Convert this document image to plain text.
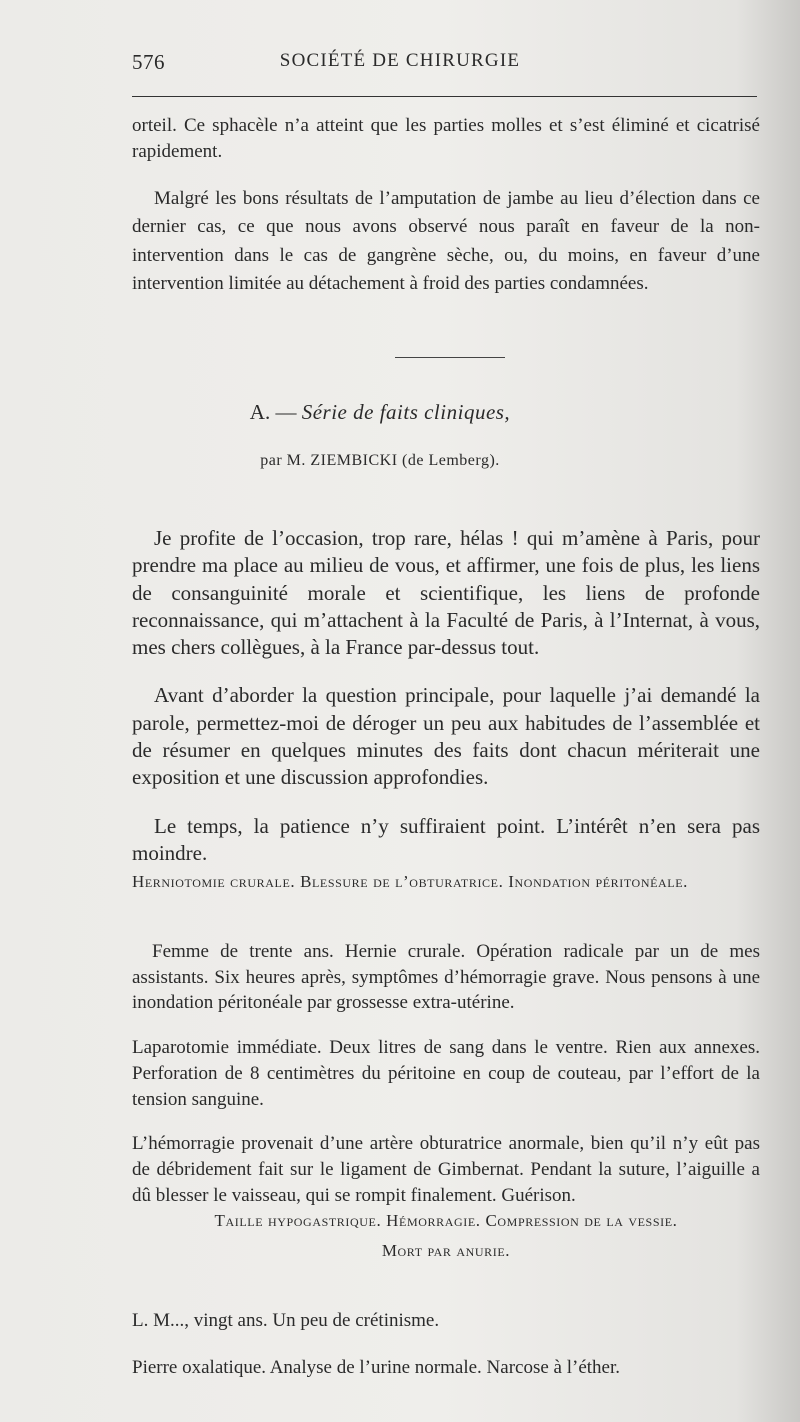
576	SOCIÉTÉ DE CHIRURGIE

orteil. Ce sphacèle n’a atteint que les parties molles et s’est éliminé et cicatrisé rapidement.

Malgré les bons résultats de l’amputation de jambe au lieu d’élection dans ce dernier cas, ce que nous avons observé nous paraît en faveur de la non-intervention dans le cas de gangrène sèche, ou, du moins, en faveur d’une intervention limitée au détachement à froid des parties condamnées.

A. — Série de faits cliniques,
par M. ZIEMBICKI (de Lemberg).

Je profite de l’occasion, trop rare, hélas ! qui m’amène à Paris, pour prendre ma place au milieu de vous, et affirmer, une fois de plus, les liens de consanguinité morale et scientifique, les liens de profonde reconnaissance, qui m’attachent à la Faculté de Paris, à l’Internat, à vous, mes chers collègues, à la France par-dessus tout.

Avant d’aborder la question principale, pour laquelle j’ai demandé la parole, permettez-moi de déroger un peu aux habitudes de l’assemblée et de résumer en quelques minutes des faits dont chacun mériterait une exposition et une discussion approfondies.

Le temps, la patience n’y suffiraient point. L’intérêt n’en sera pas moindre.

Herniotomie crurale. Blessure de l’obturatrice. Inondation péritonéale.

Femme de trente ans. Hernie crurale. Opération radicale par un de mes assistants. Six heures après, symptômes d’hémorragie grave. Nous pensons à une inondation péritonéale par grossesse extra-utérine.

Laparotomie immédiate. Deux litres de sang dans le ventre. Rien aux annexes. Perforation de 8 centimètres du péritoine en coup de couteau, par l’effort de la tension sanguine.

L’hémorragie provenait d’une artère obturatrice anormale, bien qu’il n’y eût pas de débridement fait sur le ligament de Gimbernat. Pendant la suture, l’aiguille a dû blesser le vaisseau, qui se rompit finalement. Guérison.

Taille hypogastrique. Hémorragie. Compression de la vessie.
Mort par anurie.

L. M..., vingt ans. Un peu de crétinisme.

Pierre oxalatique. Analyse de l’urine normale. Narcose à l’éther.
